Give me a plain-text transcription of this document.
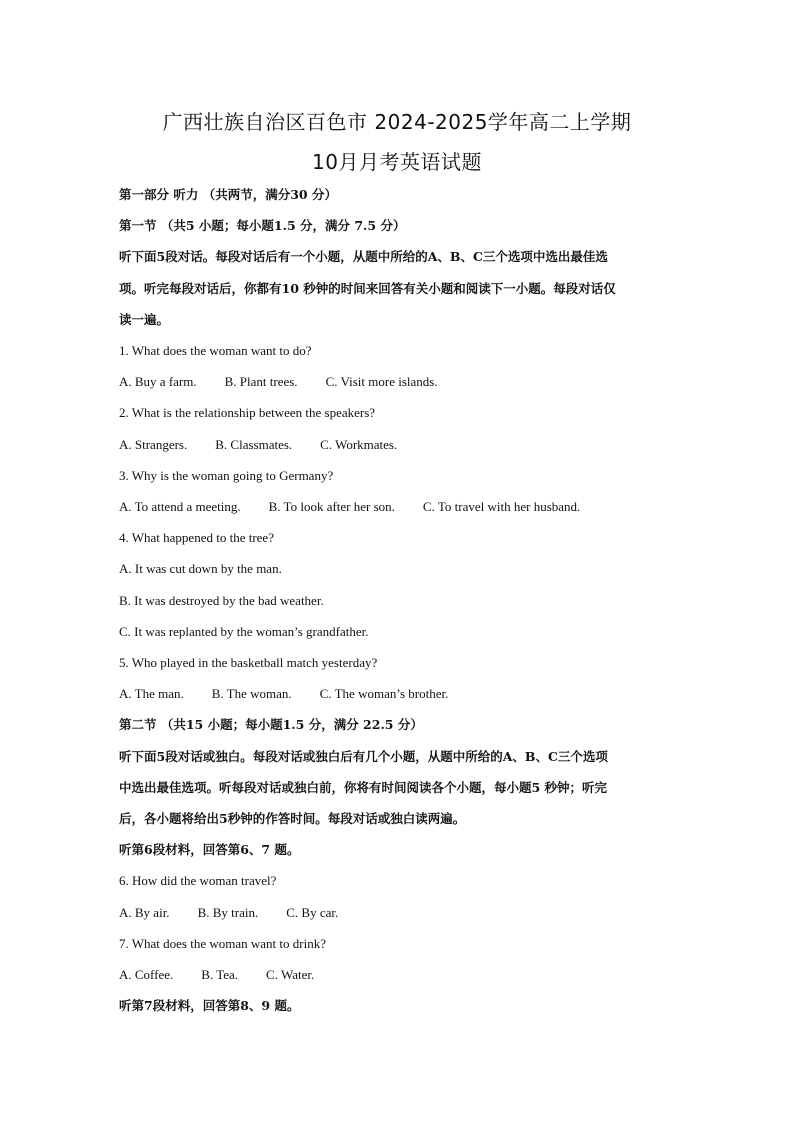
广西壮族自治区百色市 2024-2025学年高二上学期
10月月考英语试题
第一部分 听力 （共两节，满分30 分）
第一节 （共5 小题；每小题1.5 分，满分 7.5 分）
听下面5段对话。每段对话后有一个小题，从题中所给的A、B、C三个选项中选出最佳选
项。听完每段对话后，你都有10 秒钟的时间来回答有关小题和阅读下一小题。每段对话仅
读一遍。
1. What does the woman want to do?
A. Buy a farm. B. Plant trees. C. Visit more islands.
2. What is the relationship between the speakers?
A. Strangers. B. Classmates. C. Workmates.
3. Why is the woman going to Germany?
A. To attend a meeting. B. To look after her son. C. To travel with her husband.
4. What happened to the tree?
A. It was cut down by the man.
B. It was destroyed by the bad weather.
C. It was replanted by the woman’s grandfather.
5. Who played in the basketball match yesterday?
A. The man. B. The woman. C. The woman’s brother.
第二节 （共15 小题；每小题1.5 分，满分 22.5 分）
听下面5段对话或独白。每段对话或独白后有几个小题，从题中所给的A、B、C三个选项
中选出最佳选项。听每段对话或独白前，你将有时间阅读各个小题，每小题5 秒钟；听完
后，各小题将给出5秒钟的作答时间。每段对话或独白读两遍。
听第6段材料，回答第6、7 题。
6. How did the woman travel?
A. By air. B. By train. C. By car.
7. What does the woman want to drink?
A. Coffee. B. Tea. C. Water.
听第7段材料，回答第8、9 题。
